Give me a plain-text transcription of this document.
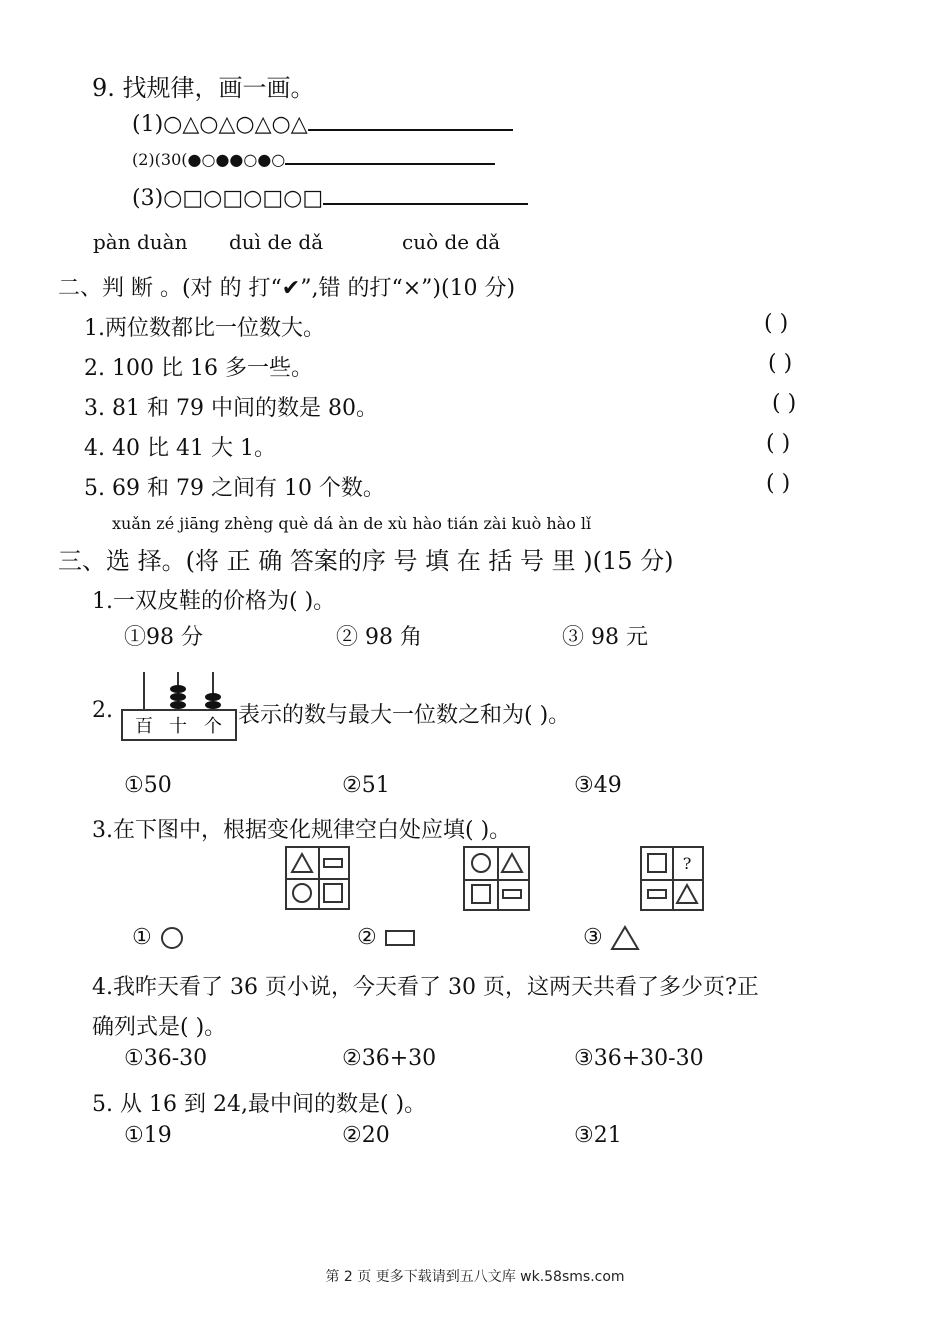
9. 找规律，画一画。
(1)○△○△○△○△
(2)(30(●○●●○●○
(3)○□○□○□○□
pàn duàn duì de dǎ	cuò de dǎ
二、判 断 。(对 的 打“✔”,错 的打“×”)(10 分)
1.两位数都比一位数大。	( )
2. 100 比 16 多一些。	( )
3. 81 和 79 中间的数是 80。	( )
4. 40 比 41 大 1。	( )
5. 69 和 79 之间有 10 个数。	( )
xuǎn zé jiāng zhèng què dá àn de xù hào tián zài kuò hào lǐ
三、选 择。(将 正 确 答案的序 号 填 在 括 号 里 )(15 分)
1.一双皮鞋的价格为( )。
①98 分	② 98 角	③ 98 元
2.
百 十 个 表示的数与最大一位数之和为( )。
①50	②51	③49
3.在下图中，根据变化规律空白处应填( )。
?
①	②	③
4.我昨天看了 36 页小说，今天看了 30 页，这两天共看了多少页?正
确列式是( )。
①36-30	②36+30	③36+30-30
5. 从 16 到 24,最中间的数是( )。
①19	②20	③21
第 2 页 更多下载请到五八文库 wk.58sms.com
